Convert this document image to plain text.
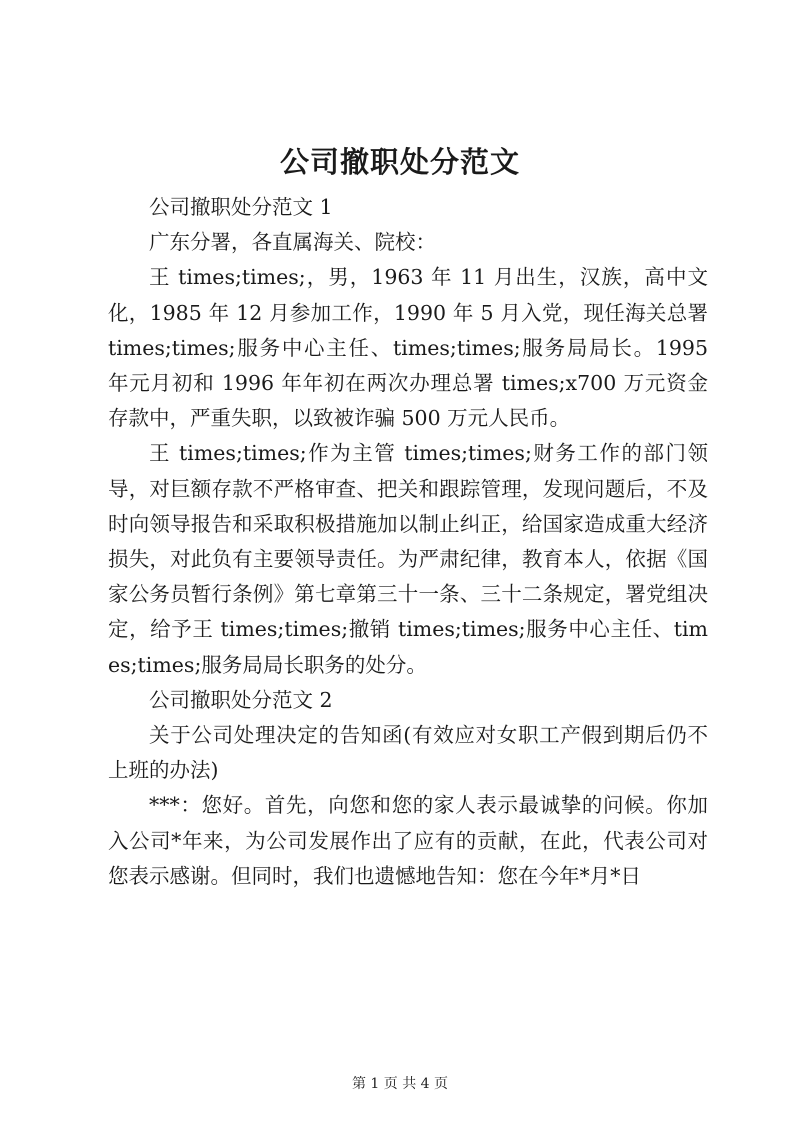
公司撤职处分范文

公司撤职处分范文 1

广东分署，各直属海关、院校：

王 times;times;，男，1963 年 11 月出生，汉族，高中文化，1985 年 12 月参加工作，1990 年 5 月入党，现任海关总署 times;times;服务中心主任、times;times;服务局局长。1995 年元月初和 1996 年年初在两次办理总署 times;x700 万元资金存款中，严重失职，以致被诈骗 500 万元人民币。

王 times;times;作为主管 times;times;财务工作的部门领导，对巨额存款不严格审查、把关和跟踪管理，发现问题后，不及时向领导报告和采取积极措施加以制止纠正，给国家造成重大经济损失，对此负有主要领导责任。为严肃纪律，教育本人，依据《国家公务员暂行条例》第七章第三十一条、三十二条规定，署党组决定，给予王 times;times;撤销 times;times;服务中心主任、times;times;服务局局长职务的处分。

公司撤职处分范文 2

关于公司处理决定的告知函(有效应对女职工产假到期后仍不上班的办法)

***：您好。首先，向您和您的家人表示最诚挚的问候。你加入公司*年来，为公司发展作出了应有的贡献，在此，代表公司对您表示感谢。但同时，我们也遗憾地告知：您在今年*月*日

第 1 页 共 4 页
